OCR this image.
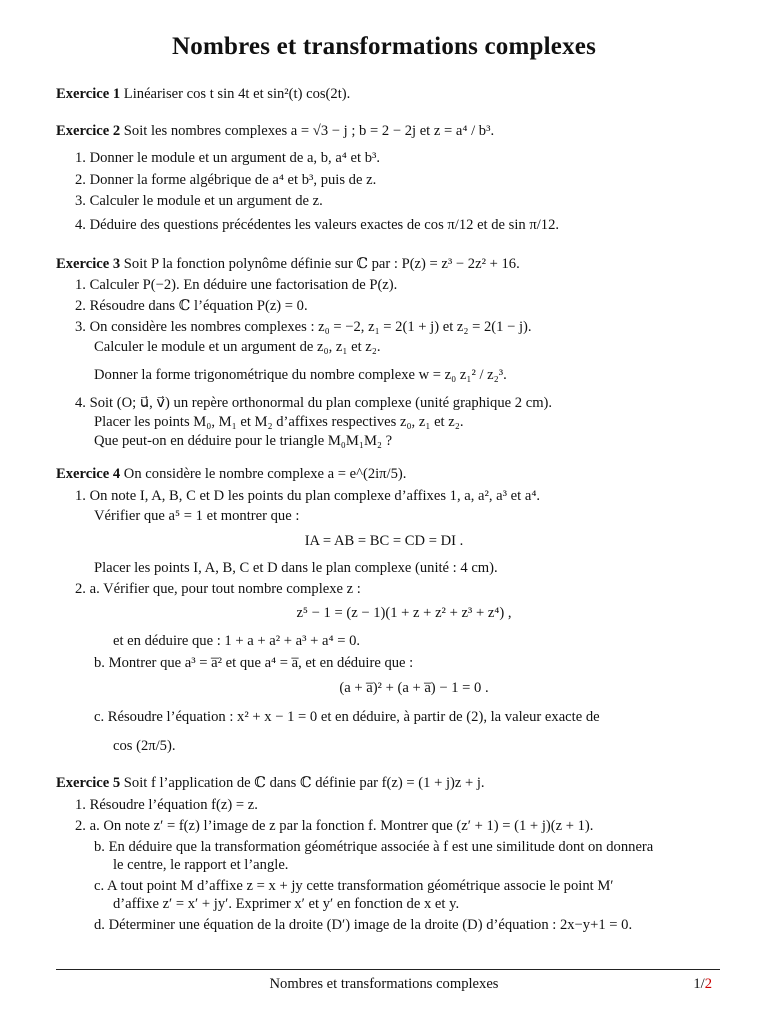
Nombres et transformations complexes
Exercice 1 Linéariser cos t sin 4t et sin²(t) cos(2t).
Exercice 2 Soit les nombres complexes a = √3 − j ; b = 2 − 2j et z = a⁴ / b³.
1. Donner le module et un argument de a, b, a⁴ et b³.
2. Donner la forme algébrique de a⁴ et b³, puis de z.
3. Calculer le module et un argument de z.
4. Déduire des questions précédentes les valeurs exactes de cos π/12 et de sin π/12.
Exercice 3 Soit P la fonction polynôme définie sur ℂ par : P(z) = z³ − 2z² + 16.
1. Calculer P(−2). En déduire une factorisation de P(z).
2. Résoudre dans ℂ l’équation P(z) = 0.
3. On considère les nombres complexes : z₀ = −2, z₁ = 2(1 + j) et z₂ = 2(1 − j).
Calculer le module et un argument de z₀, z₁ et z₂.
Donner la forme trigonométrique du nombre complexe w = z₀ z₁² / z₂³.
4. Soit (O; u⃗, v⃗) un repère orthonormal du plan complexe (unité graphique 2 cm).
Placer les points M₀, M₁ et M₂ d’affixes respectives z₀, z₁ et z₂.
Que peut-on en déduire pour le triangle M₀M₁M₂ ?
Exercice 4 On considère le nombre complexe a = e^(2iπ/5).
1. On note I, A, B, C et D les points du plan complexe d’affixes 1, a, a², a³ et a⁴.
Vérifier que a⁵ = 1 et montrer que :
IA = AB = BC = CD = DI .
Placer les points I, A, B, C et D dans le plan complexe (unité : 4 cm).
2. a. Vérifier que, pour tout nombre complexe z :
z⁵ − 1 = (z − 1)(1 + z + z² + z³ + z⁴) ,
et en déduire que : 1 + a + a² + a³ + a⁴ = 0.
b. Montrer que a³ = a̅² et que a⁴ = a̅, et en déduire que :
(a + a̅)² + (a + a̅) − 1 = 0 .
c. Résoudre l’équation : x² + x − 1 = 0 et en déduire, à partir de (2), la valeur exacte de
cos (2π/5).
Exercice 5 Soit f l’application de ℂ dans ℂ définie par f(z) = (1 + j)z + j.
1. Résoudre l’équation f(z) = z.
2. a. On note z′ = f(z) l’image de z par la fonction f. Montrer que (z′ + 1) = (1 + j)(z + 1).
b. En déduire que la transformation géométrique associée à f est une similitude dont on donnera
le centre, le rapport et l’angle.
c. A tout point M d’affixe z = x + jy cette transformation géométrique associe le point M′
d’affixe z′ = x′ + jy′. Exprimer x′ et y′ en fonction de x et y.
d. Déterminer une équation de la droite (D′) image de la droite (D) d’équation : 2x−y+1 = 0.
Nombres et transformations complexes	1/2
